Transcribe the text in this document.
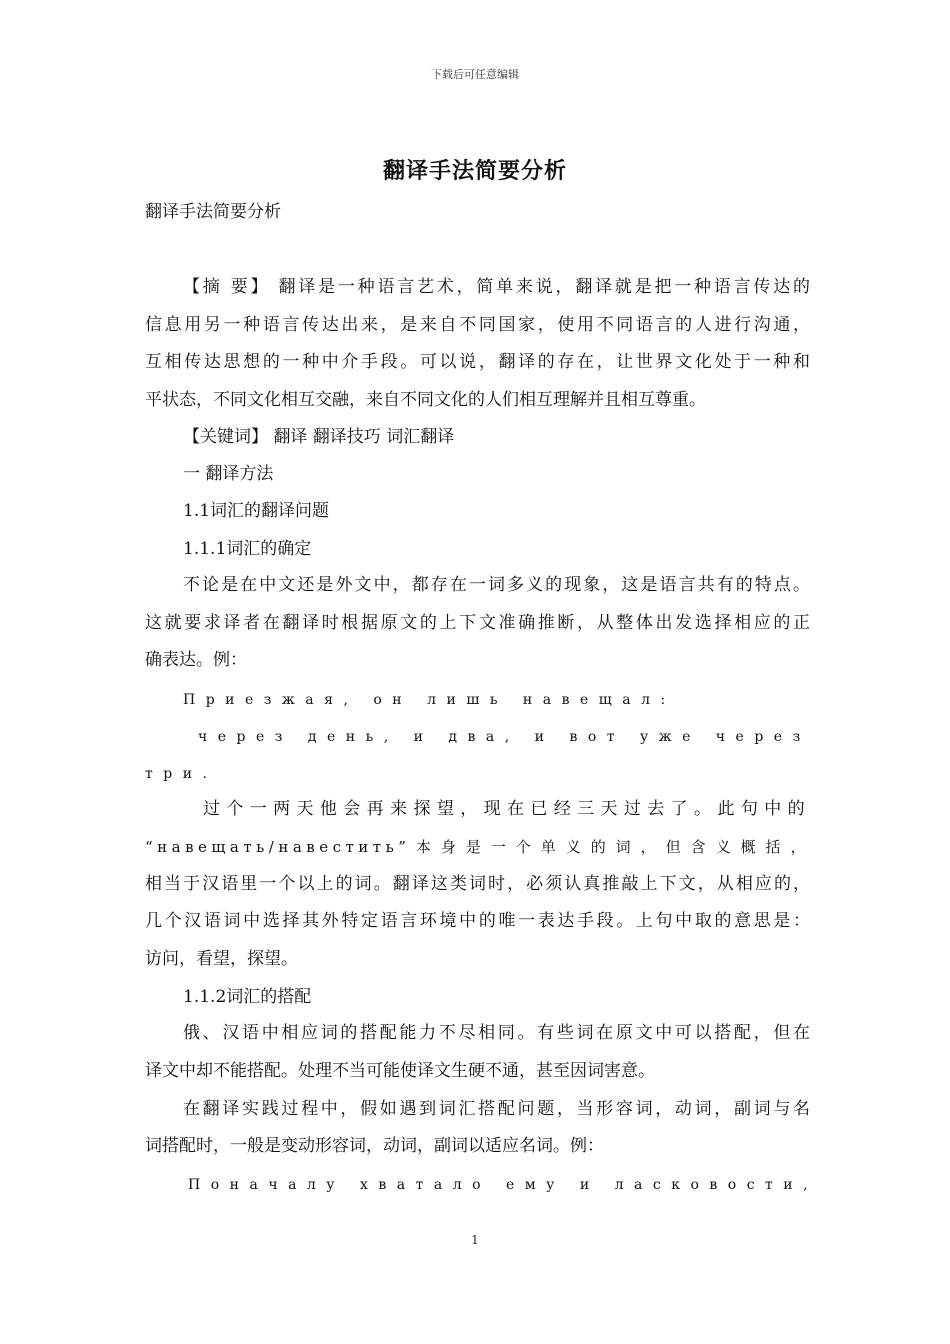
下载后可任意编辑
翻译手法简要分析
翻译手法简要分析
【摘 要】 翻译是一种语言艺术，简单来说，翻译就是把一种语言传达的
信息用另一种语言传达出来，是来自不同国家，使用不同语言的人进行沟通，
互相传达思想的一种中介手段。可以说，翻译的存在，让世界文化处于一种和
平状态，不同文化相互交融，来自不同文化的人们相互理解并且相互尊重。
【关键词】 翻译 翻译技巧 词汇翻译
一 翻译方法
1.1词汇的翻译问题
1.1.1词汇的确定
不论是在中文还是外文中，都存在一词多义的现象，这是语言共有的特点。
这就要求译者在翻译时根据原文的上下文准确推断，从整体出发选择相应的正
确表达。例：
Приезжая, он лишь навещал:
через день, и два, и вот уже через
три.
过个一两天他会再来探望，现在已经三天过去了。此句中的
“навещать/навестить”本身是一个单义的词，但含义概括，
相当于汉语里一个以上的词。翻译这类词时，必须认真推敲上下文，从相应的，
几个汉语词中选择其外特定语言环境中的唯一表达手段。上句中取的意思是：
访问，看望，探望。
1.1.2词汇的搭配
俄、汉语中相应词的搭配能力不尽相同。有些词在原文中可以搭配，但在
译文中却不能搭配。处理不当可能使译文生硬不通，甚至因词害意。
在翻译实践过程中，假如遇到词汇搭配问题，当形容词，动词，副词与名
词搭配时，一般是变动形容词，动词，副词以适应名词。例：
Поначалу хватало ему и ласковости,
1
